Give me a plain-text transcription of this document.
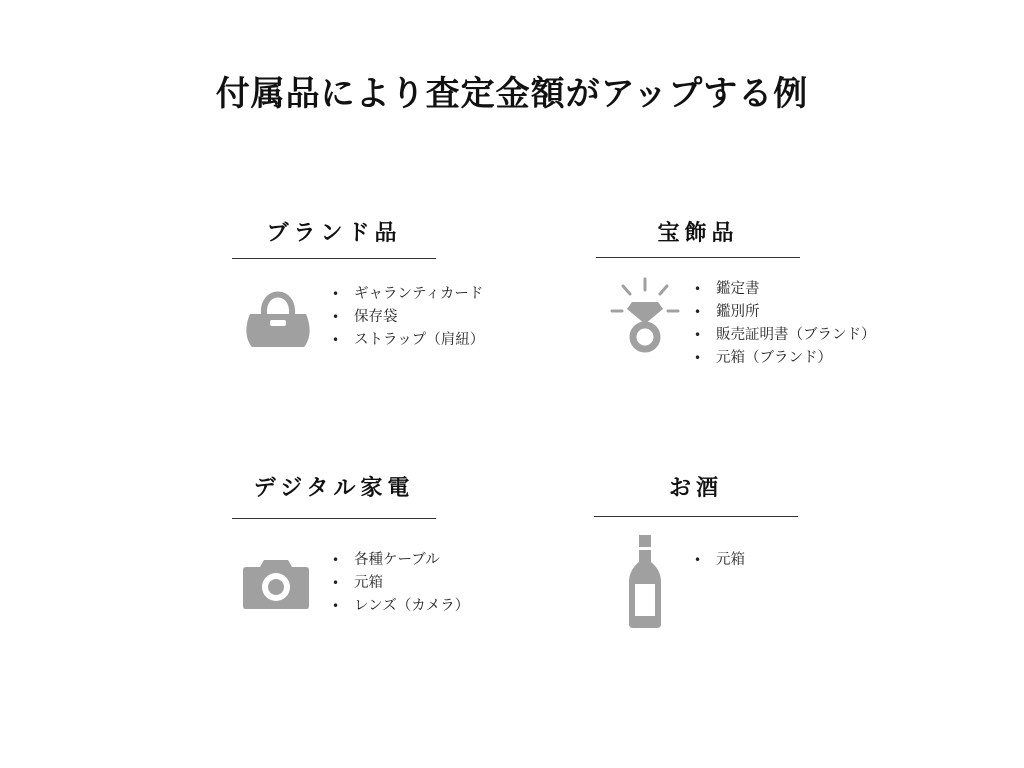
付属品により査定金額がアップする例
ブランド品
• ギャランティカード
• 保存袋
• ストラップ（肩紐）
宝飾品
• 鑑定書
• 鑑別所
• 販売証明書（ブランド）
• 元箱（ブランド）
デジタル家電
• 各種ケーブル
• 元箱
• レンズ（カメラ）
お酒
• 元箱
